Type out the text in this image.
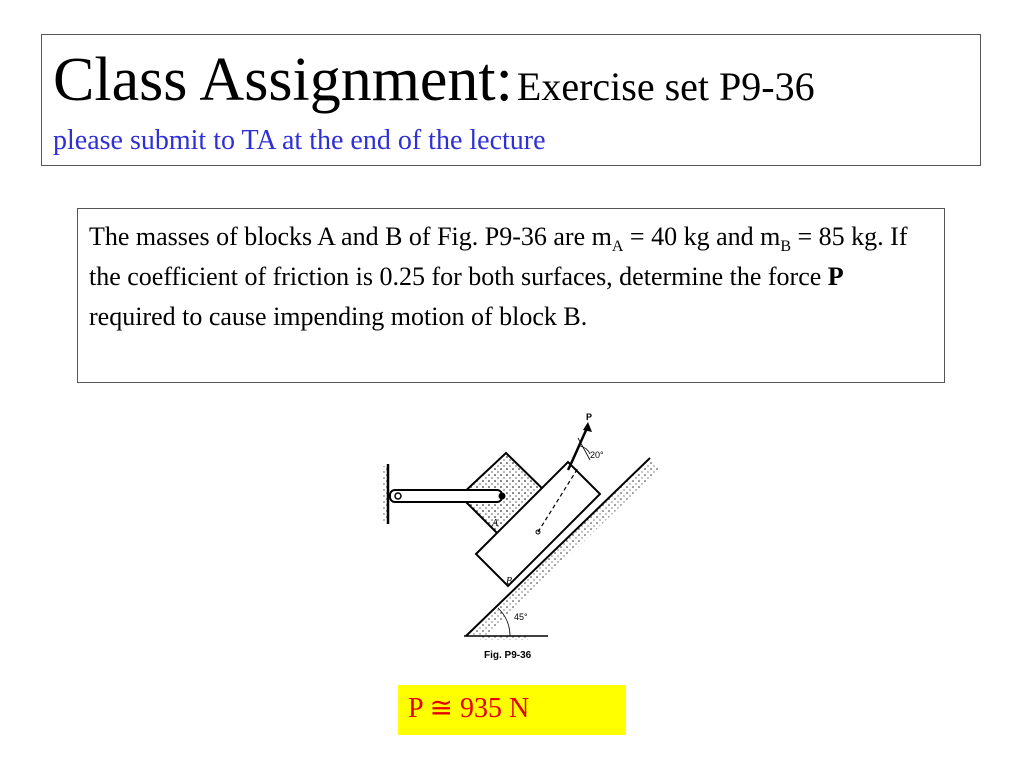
Class Assignment: Exercise set P9-36
please submit to TA at the end of the lecture
The masses of blocks A and B of Fig. P9-36 are $m_A = 40$ kg and $m_B = 85$ kg. If the coefficient of friction is 0.25 for both surfaces, determine the force P required to cause impending motion of block B.
A
B
P
20°
45°
Fig. P9-36
P ≅ 935 N
